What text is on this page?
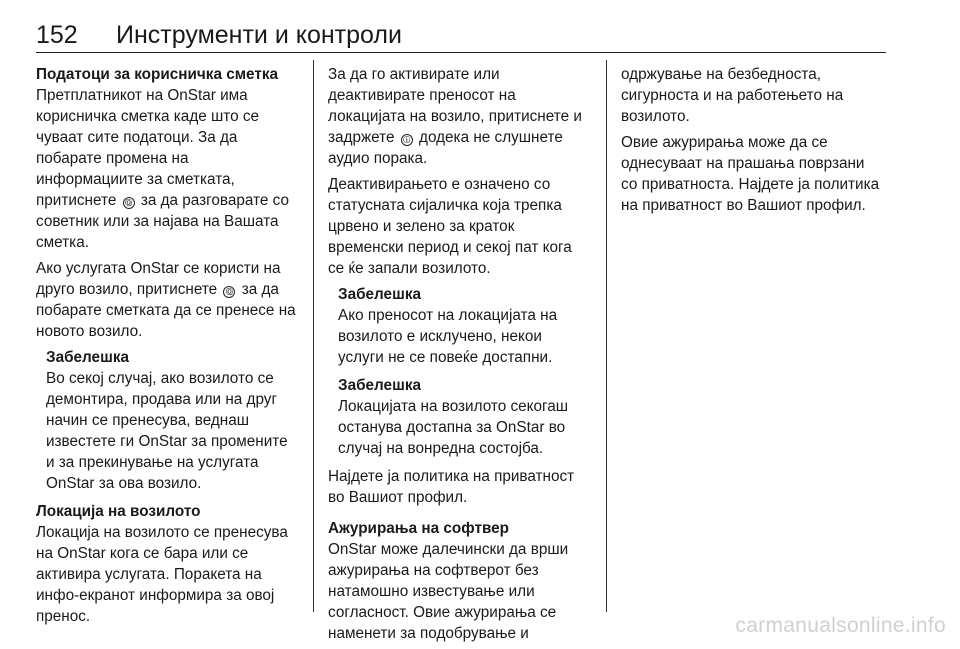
152 Инструменти и контроли

Податоци за корисничка сметка

Претплатникот на OnStar има корисничка сметка каде што се чуваат сите податоци. За да побарате промена на информациите за сметката, притиснете Ⓞ за да разговарате со советник или за најава на Вашата сметка.

Ако услугата OnStar се користи на друго возило, притиснете Ⓞ за да побарате сметката да се пренесе на новото возило.

Забелешка

Во секој случај, ако возилото се демонтира, продава или на друг начин се пренесува, веднаш известете ги OnStar за промените и за прекинување на услугата OnStar за ова возило.

Локација на возилото

Локација на возилото се пренесува на OnStar кога се бара или се активира услугата. Поракета на инфо-екранот информира за овој пренос.

За да го активирате или деактивирате преносот на локацијата на возило, притиснете и задржете ⓘ додека не слушнете аудио порака.

Деактивирањето е означено со статусната сијаличка која трепка црвено и зелено за краток временски период и секој пат кога се ќе запали возилото.

Забелешка

Ако преносот на локацијата на возилото е исклучено, некои услуги не се повеќе достапни.

Забелешка

Локацијата на возилото секогаш останува достапна за OnStar во случај на вонредна состојба.

Најдете ја политика на приватност во Вашиот профил.

Ажурирања на софтвер

OnStar може далечински да врши ажурирања на софтверот без натамошно известување или согласност. Овие ажурирања се наменети за подобрување и

одржување на безбедноста, сигурноста и на работењето на возилото.

Овие ажурирања може да се однесуваат на прашања поврзани со приватноста. Најдете ја политика на приватност во Вашиот профил.

carmanualsonline.info
